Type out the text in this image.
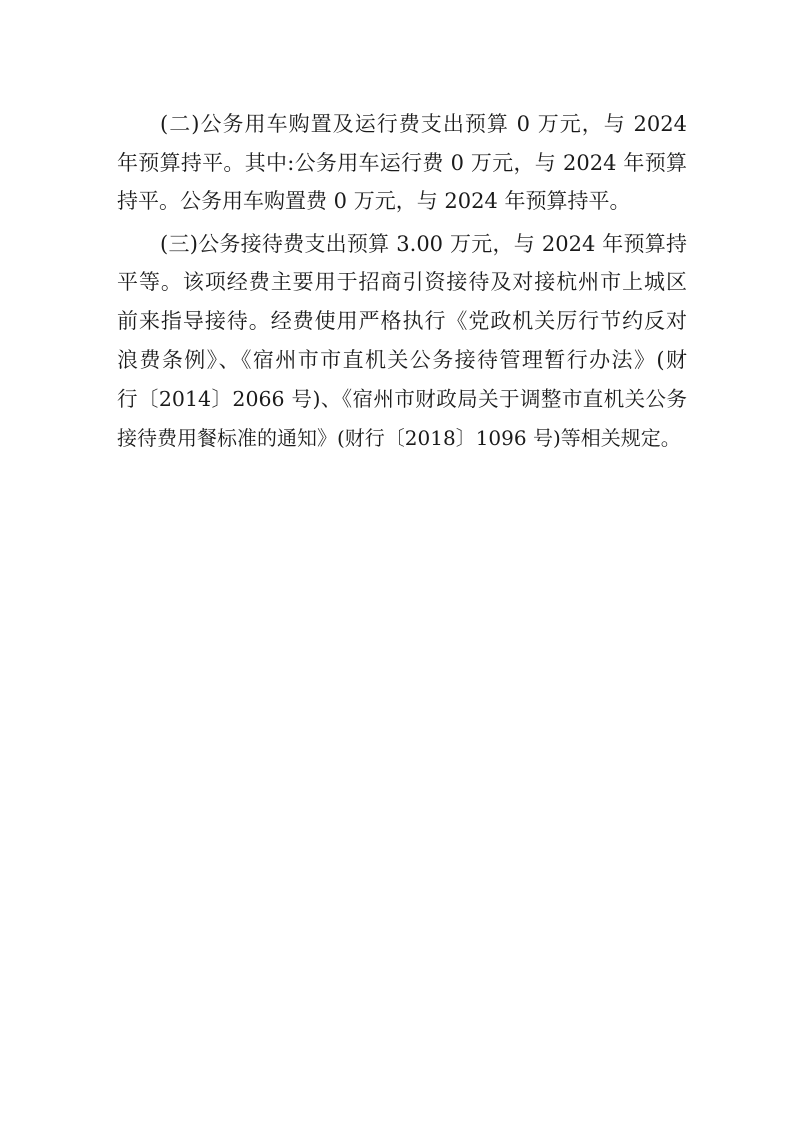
(二)公务用车购置及运行费支出预算 0 万元，与 2024
年预算持平。其中:公务用车运行费 0 万元，与 2024 年预算
持平。公务用车购置费 0 万元，与 2024 年预算持平。
(三)公务接待费支出预算 3.00 万元，与 2024 年预算持
平等。该项经费主要用于招商引资接待及对接杭州市上城区
前来指导接待。经费使用严格执行《党政机关厉行节约反对
浪费条例》、《宿州市市直机关公务接待管理暂行办法》(财
行〔2014〕2066 号)、《宿州市财政局关于调整市直机关公务
接待费用餐标准的通知》(财行〔2018〕1096 号)等相关规定。
